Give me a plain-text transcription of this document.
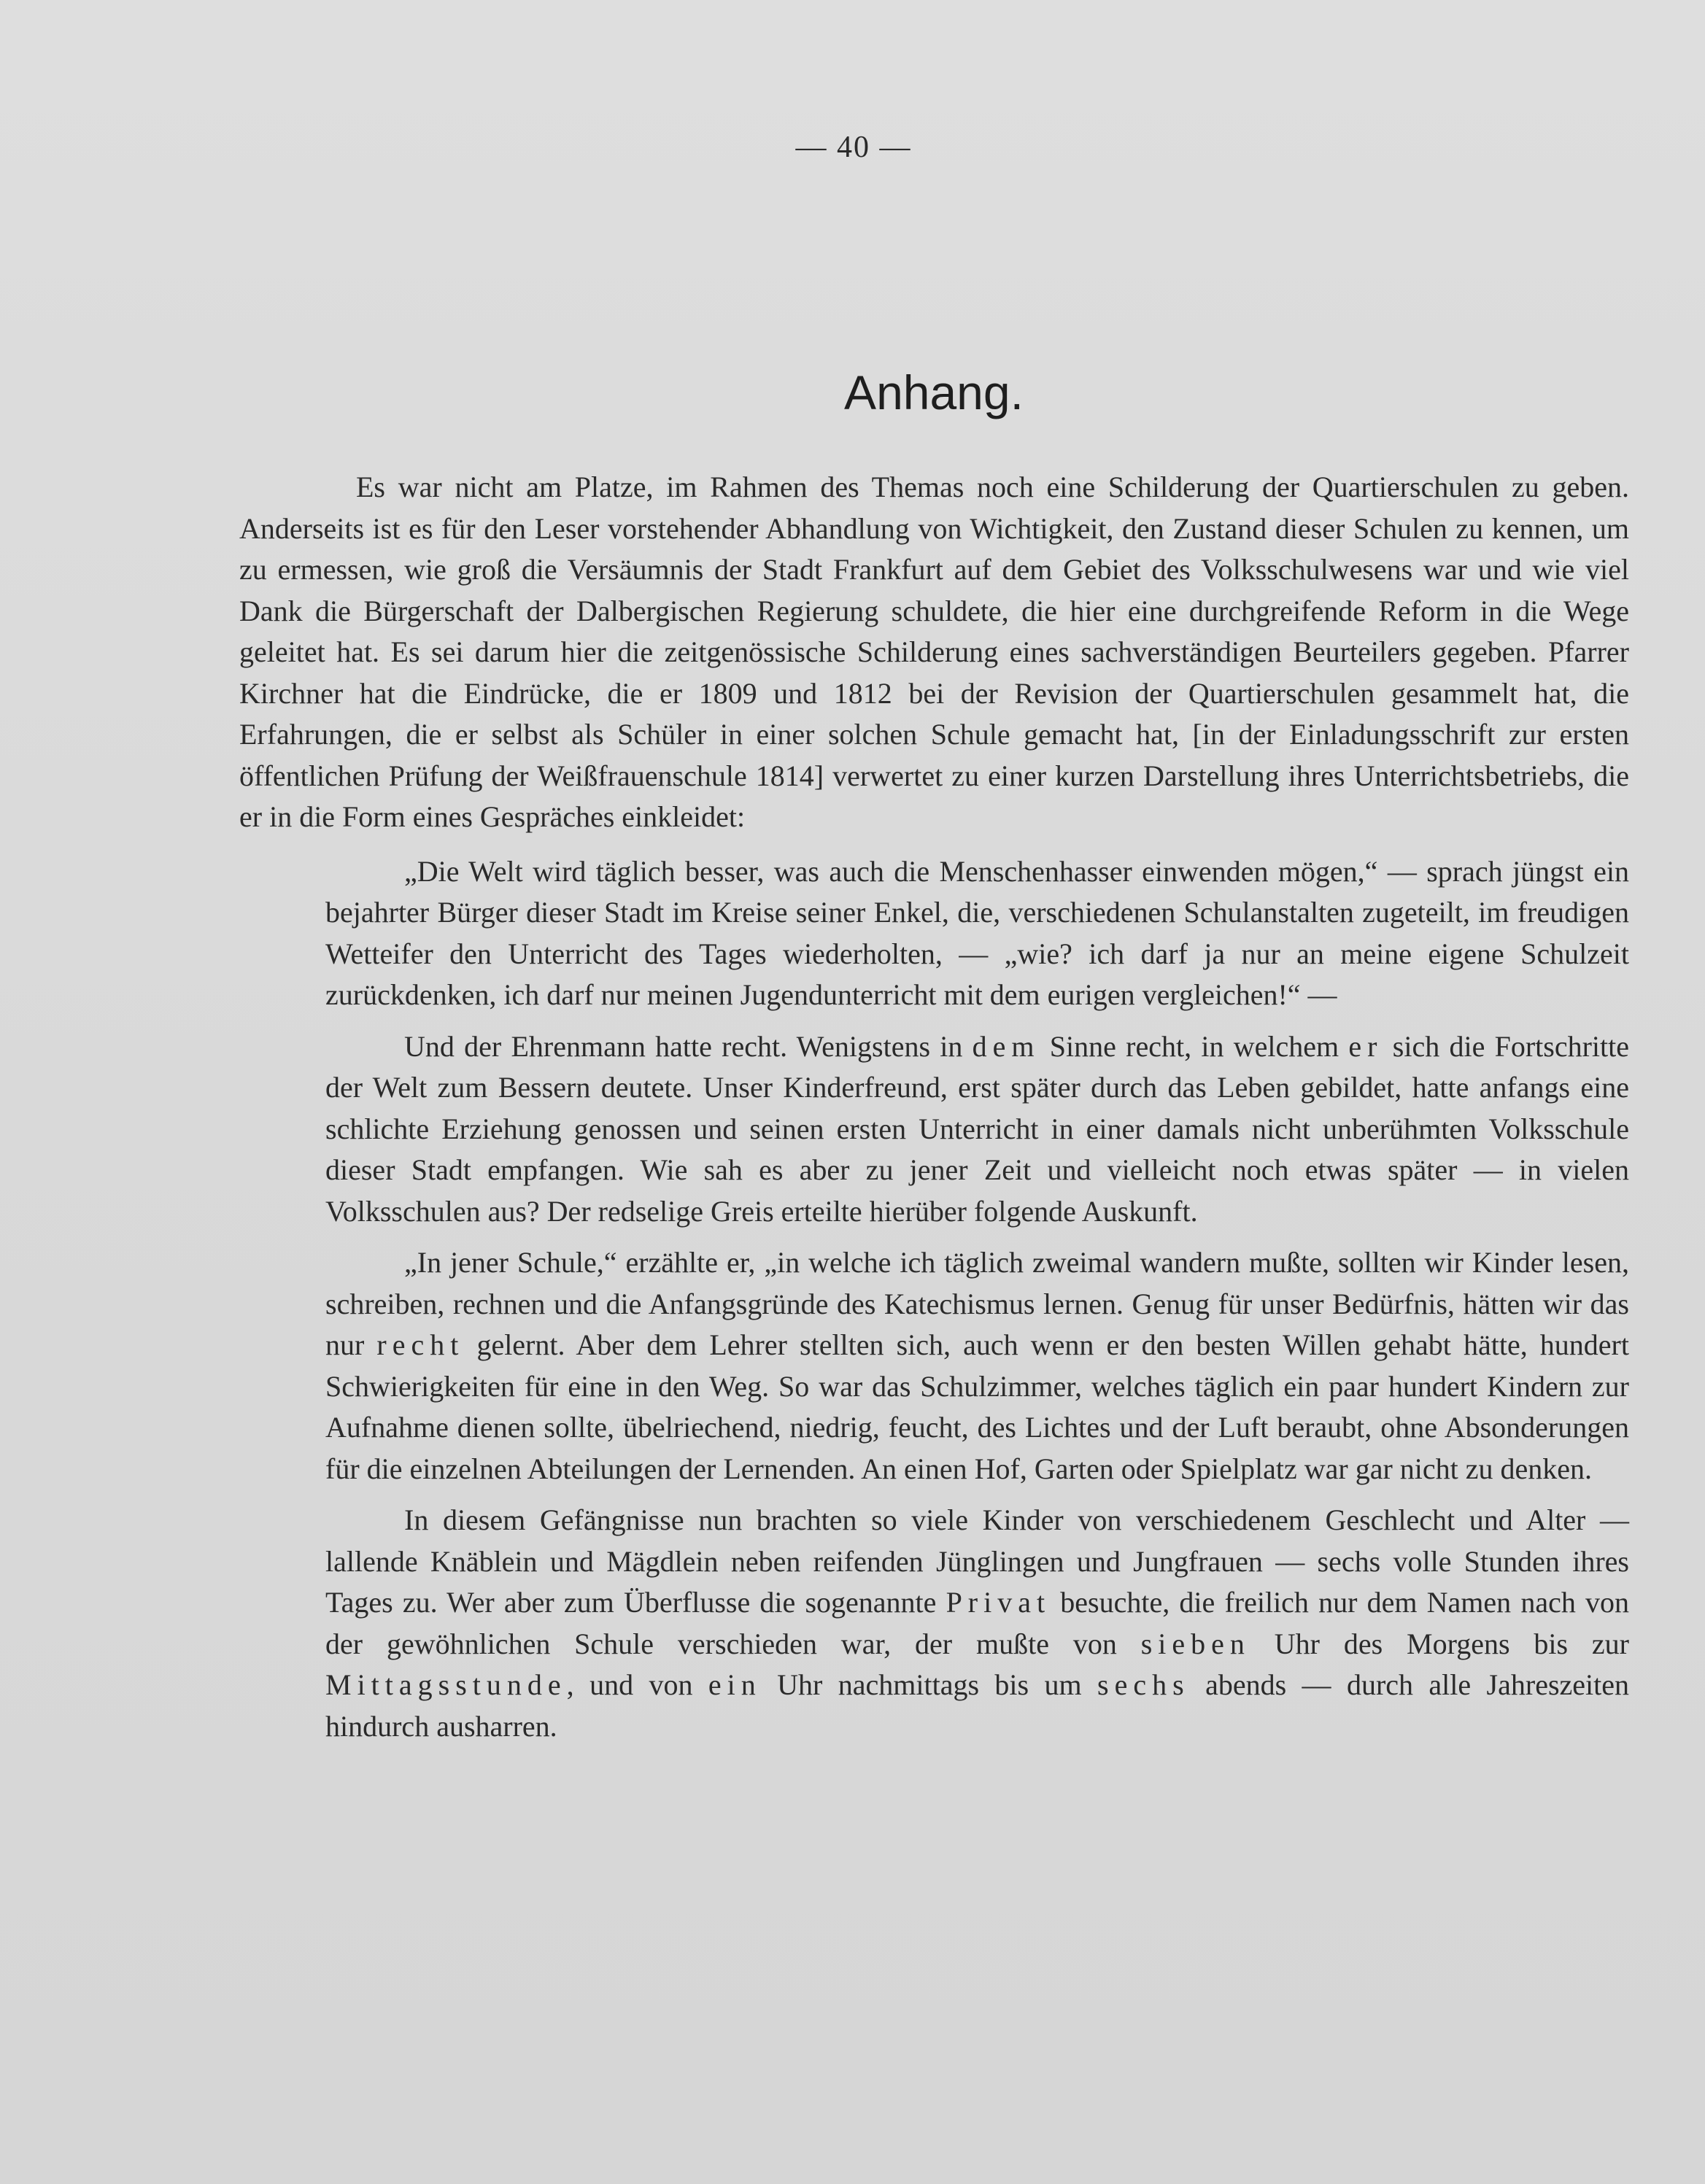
— 40 —
Anhang.

Es war nicht am Platze, im Rahmen des Themas noch eine Schilderung der Quartierschulen zu geben. Anderseits ist es für den Leser vorstehender Abhandlung von Wichtigkeit, den Zustand dieser Schulen zu kennen, um zu ermessen, wie groß die Versäumnis der Stadt Frankfurt auf dem Gebiet des Volksschulwesens war und wie viel Dank die Bürgerschaft der Dalbergischen Regierung schuldete, die hier eine durchgreifende Reform in die Wege geleitet hat. Es sei darum hier die zeitgenössische Schilderung eines sachverständigen Beurteilers gegeben. Pfarrer Kirchner hat die Eindrücke, die er 1809 und 1812 bei der Revision der Quartierschulen gesammelt hat, die Erfahrungen, die er selbst als Schüler in einer solchen Schule gemacht hat, [in der Einladungsschrift zur ersten öffentlichen Prüfung der Weißfrauenschule 1814] verwertet zu einer kurzen Darstellung ihres Unterrichtsbetriebs, die er in die Form eines Gespräches einkleidet:

„Die Welt wird täglich besser, was auch die Menschenhasser einwenden mögen,“ — sprach jüngst ein bejahrter Bürger dieser Stadt im Kreise seiner Enkel, die, verschiedenen Schulanstalten zugeteilt, im freudigen Wetteifer den Unterricht des Tages wiederholten, — „wie? ich darf ja nur an meine eigene Schulzeit zurückdenken, ich darf nur meinen Jugendunterricht mit dem eurigen vergleichen!“ —

Und der Ehrenmann hatte recht. Wenigstens in dem Sinne recht, in welchem er sich die Fortschritte der Welt zum Bessern deutete. Unser Kinderfreund, erst später durch das Leben gebildet, hatte anfangs eine schlichte Erziehung genossen und seinen ersten Unterricht in einer damals nicht unberühmten Volksschule dieser Stadt empfangen. Wie sah es aber zu jener Zeit und vielleicht noch etwas später — in vielen Volksschulen aus? Der redselige Greis erteilte hierüber folgende Auskunft.

„In jener Schule,“ erzählte er, „in welche ich täglich zweimal wandern mußte, sollten wir Kinder lesen, schreiben, rechnen und die Anfangsgründe des Katechismus lernen. Genug für unser Bedürfnis, hätten wir das nur recht gelernt. Aber dem Lehrer stellten sich, auch wenn er den besten Willen gehabt hätte, hundert Schwierigkeiten für eine in den Weg. So war das Schulzimmer, welches täglich ein paar hundert Kindern zur Aufnahme dienen sollte, übelriechend, niedrig, feucht, des Lichtes und der Luft beraubt, ohne Absonderungen für die einzelnen Abteilungen der Lernenden. An einen Hof, Garten oder Spielplatz war gar nicht zu denken.

In diesem Gefängnisse nun brachten so viele Kinder von verschiedenem Geschlecht und Alter — lallende Knäblein und Mägdlein neben reifenden Jünglingen und Jungfrauen — sechs volle Stunden ihres Tages zu. Wer aber zum Überflusse die sogenannte Privat besuchte, die freilich nur dem Namen nach von der gewöhnlichen Schule verschieden war, der mußte von sieben Uhr des Morgens bis zur Mittagsstunde, und von ein Uhr nachmittags bis um sechs abends — durch alle Jahreszeiten hindurch ausharren.
